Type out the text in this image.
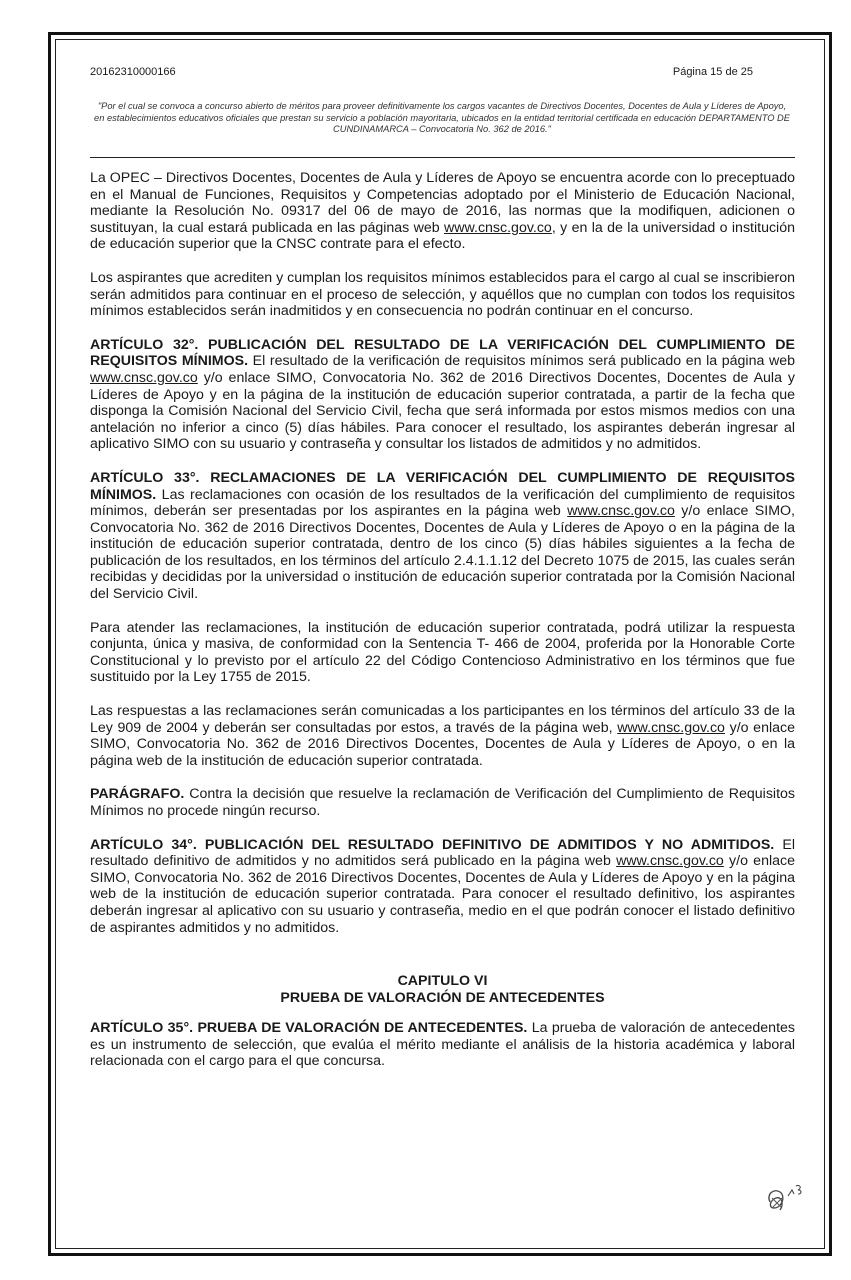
20162310000166	Página 15 de 25
"Por el cual se convoca a concurso abierto de méritos para proveer definitivamente los cargos vacantes de Directivos Docentes, Docentes de Aula y Líderes de Apoyo, en establecimientos educativos oficiales que prestan su servicio a población mayoritaria, ubicados en la entidad territorial certificada en educación DEPARTAMENTO DE CUNDINAMARCA – Convocatoria No. 362 de 2016."

La OPEC – Directivos Docentes, Docentes de Aula y Líderes de Apoyo se encuentra acorde con lo preceptuado en el Manual de Funciones, Requisitos y Competencias adoptado por el Ministerio de Educación Nacional, mediante la Resolución No. 09317 del 06 de mayo de 2016, las normas que la modifiquen, adicionen o sustituyan, la cual estará publicada en las páginas web www.cnsc.gov.co, y en la de la universidad o institución de educación superior que la CNSC contrate para el efecto.

Los aspirantes que acrediten y cumplan los requisitos mínimos establecidos para el cargo al cual se inscribieron serán admitidos para continuar en el proceso de selección, y aquéllos que no cumplan con todos los requisitos mínimos establecidos serán inadmitidos y en consecuencia no podrán continuar en el concurso.

ARTÍCULO 32°. PUBLICACIÓN DEL RESULTADO DE LA VERIFICACIÓN DEL CUMPLIMIENTO DE REQUISITOS MÍNIMOS. El resultado de la verificación de requisitos mínimos será publicado en la página web www.cnsc.gov.co y/o enlace SIMO, Convocatoria No. 362 de 2016 Directivos Docentes, Docentes de Aula y Líderes de Apoyo y en la página de la institución de educación superior contratada, a partir de la fecha que disponga la Comisión Nacional del Servicio Civil, fecha que será informada por estos mismos medios con una antelación no inferior a cinco (5) días hábiles. Para conocer el resultado, los aspirantes deberán ingresar al aplicativo SIMO con su usuario y contraseña y consultar los listados de admitidos y no admitidos.

ARTÍCULO 33°. RECLAMACIONES DE LA VERIFICACIÓN DEL CUMPLIMIENTO DE REQUISITOS MÍNIMOS. Las reclamaciones con ocasión de los resultados de la verificación del cumplimiento de requisitos mínimos, deberán ser presentadas por los aspirantes en la página web www.cnsc.gov.co y/o enlace SIMO, Convocatoria No. 362 de 2016 Directivos Docentes, Docentes de Aula y Líderes de Apoyo o en la página de la institución de educación superior contratada, dentro de los cinco (5) días hábiles siguientes a la fecha de publicación de los resultados, en los términos del artículo 2.4.1.1.12 del Decreto 1075 de 2015, las cuales serán recibidas y decididas por la universidad o institución de educación superior contratada por la Comisión Nacional del Servicio Civil.

Para atender las reclamaciones, la institución de educación superior contratada, podrá utilizar la respuesta conjunta, única y masiva, de conformidad con la Sentencia T- 466 de 2004, proferida por la Honorable Corte Constitucional y lo previsto por el artículo 22 del Código Contencioso Administrativo en los términos que fue sustituido por la Ley 1755 de 2015.

Las respuestas a las reclamaciones serán comunicadas a los participantes en los términos del artículo 33 de la Ley 909 de 2004 y deberán ser consultadas por estos, a través de la página web, www.cnsc.gov.co y/o enlace SIMO, Convocatoria No. 362 de 2016 Directivos Docentes, Docentes de Aula y Líderes de Apoyo, o en la página web de la institución de educación superior contratada.

PARÁGRAFO. Contra la decisión que resuelve la reclamación de Verificación del Cumplimiento de Requisitos Mínimos no procede ningún recurso.

ARTÍCULO 34°. PUBLICACIÓN DEL RESULTADO DEFINITIVO DE ADMITIDOS Y NO ADMITIDOS. El resultado definitivo de admitidos y no admitidos será publicado en la página web www.cnsc.gov.co y/o enlace SIMO, Convocatoria No. 362 de 2016 Directivos Docentes, Docentes de Aula y Líderes de Apoyo y en la página web de la institución de educación superior contratada. Para conocer el resultado definitivo, los aspirantes deberán ingresar al aplicativo con su usuario y contraseña, medio en el que podrán conocer el listado definitivo de aspirantes admitidos y no admitidos.

CAPITULO VI
PRUEBA DE VALORACIÓN DE ANTECEDENTES

ARTÍCULO 35°. PRUEBA DE VALORACIÓN DE ANTECEDENTES. La prueba de valoración de antecedentes es un instrumento de selección, que evalúa el mérito mediante el análisis de la historia académica y laboral relacionada con el cargo para el que concursa.
